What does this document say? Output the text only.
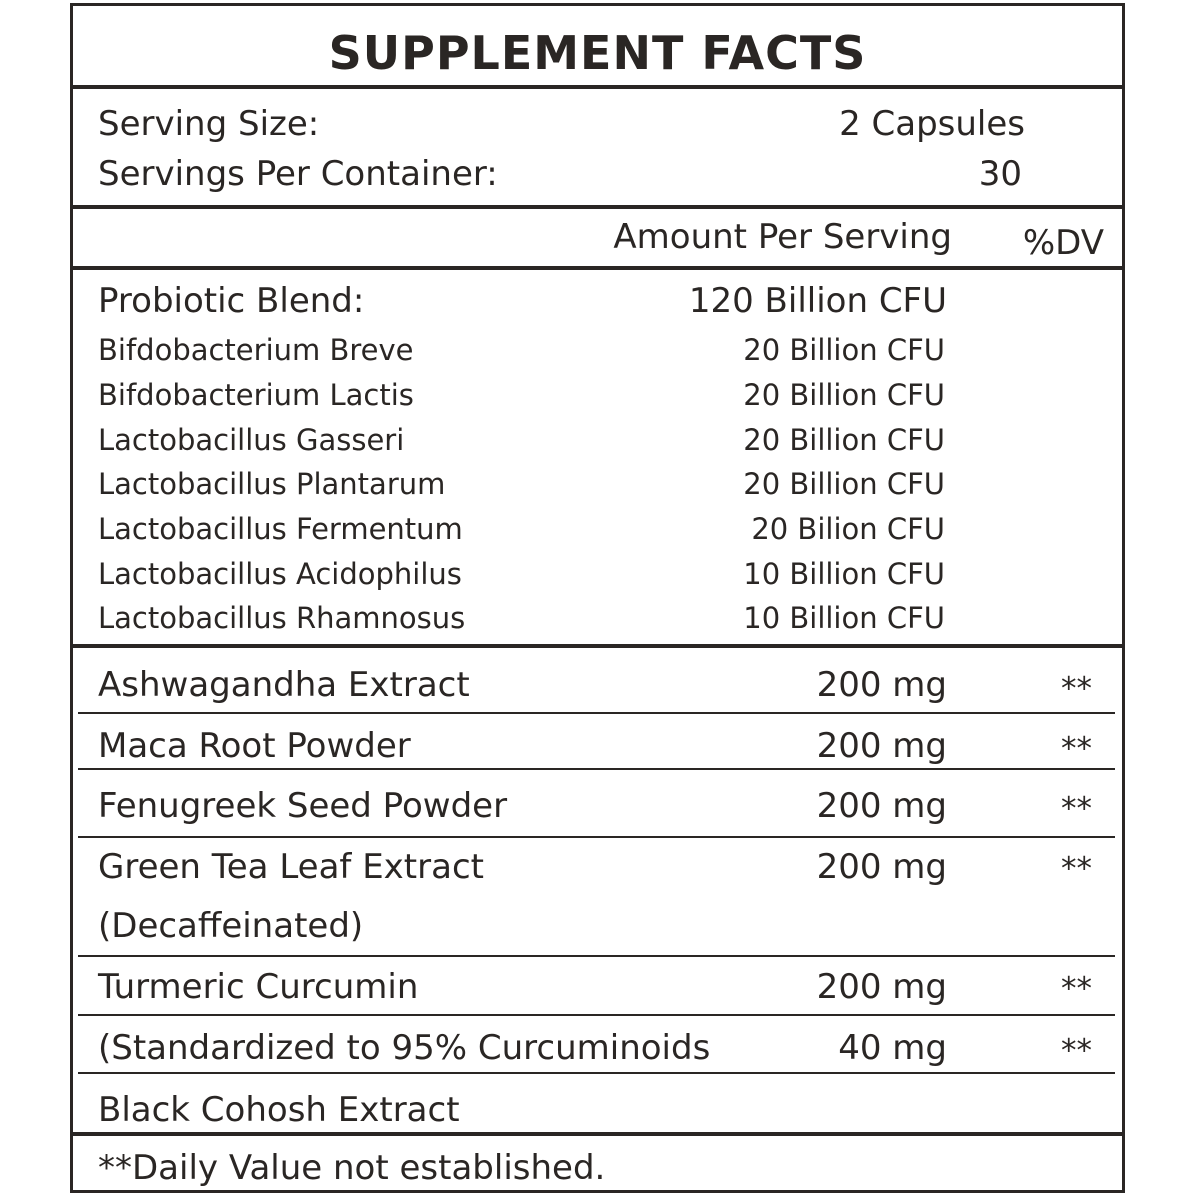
SUPPLEMENT FACTS
Serving Size:	2 Capsules
Servings Per Container:	30
Amount Per Serving %DV
Probiotic Blend:	120 Billion CFU
Bifdobacterium Breve	20 Billion CFU
Bifdobacterium Lactis	20 Billion CFU
Lactobacillus Gasseri	20 Billion CFU
Lactobacillus Plantarum	20 Billion CFU
Lactobacillus Fermentum	20 Bilion CFU
Lactobacillus Acidophilus	10 Billion CFU
Lactobacillus Rhamnosus	10 Billion CFU
Ashwagandha Extract	200 mg	**
Maca Root Powder	200 mg	**
Fenugreek Seed Powder	200 mg	**
Green Tea Leaf Extract	200 mg	**
(Decaffeinated)
Turmeric Curcumin	200 mg	**
(Standardized to 95% Curcuminoids	40 mg	**
Black Cohosh Extract
**Daily Value not established.
